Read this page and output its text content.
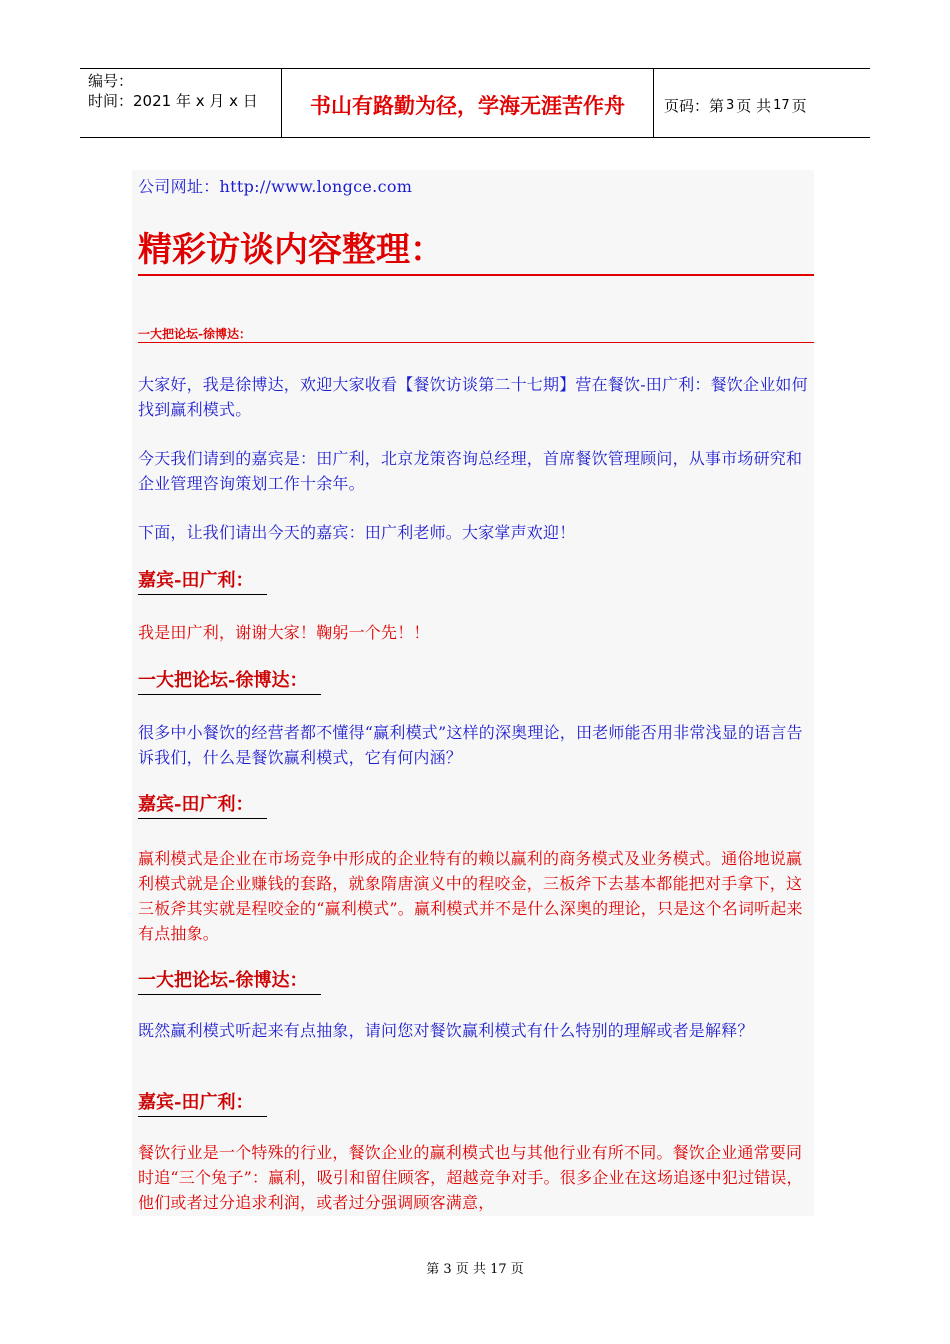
编号：
时间：2021 年 x 月 x 日	书山有路勤为径，学海无涯苦作舟	页码：第 3 页 共 17 页
公司网址：http://www.longce.com
精彩访谈内容整理：
一大把论坛-徐博达：
大家好，我是徐博达，欢迎大家收看【餐饮访谈第二十七期】营在餐饮-田广利：餐饮企业如何找到赢利模式。
今天我们请到的嘉宾是：田广利，北京龙策咨询总经理，首席餐饮管理顾问，从事市场研究和企业管理咨询策划工作十余年。
下面，让我们请出今天的嘉宾：田广利老师。大家掌声欢迎！
嘉宾-田广利：
我是田广利，谢谢大家！鞠躬一个先！！
一大把论坛-徐博达：
很多中小餐饮的经营者都不懂得“赢利模式”这样的深奥理论，田老师能否用非常浅显的语言告诉我们，什么是餐饮赢利模式，它有何内涵？
嘉宾-田广利：
赢利模式是企业在市场竞争中形成的企业特有的赖以赢利的商务模式及业务模式。通俗地说赢利模式就是企业赚钱的套路，就象隋唐演义中的程咬金，三板斧下去基本都能把对手拿下，这三板斧其实就是程咬金的“赢利模式”。赢利模式并不是什么深奥的理论，只是这个名词听起来有点抽象。
一大把论坛-徐博达：
既然赢利模式听起来有点抽象，请问您对餐饮赢利模式有什么特别的理解或者是解释？
嘉宾-田广利：
餐饮行业是一个特殊的行业，餐饮企业的赢利模式也与其他行业有所不同。餐饮企业通常要同时追“三个兔子”：赢利，吸引和留住顾客，超越竞争对手。很多企业在这场追逐中犯过错误，他们或者过分追求利润，或者过分强调顾客满意，
第 3 页 共 17 页
